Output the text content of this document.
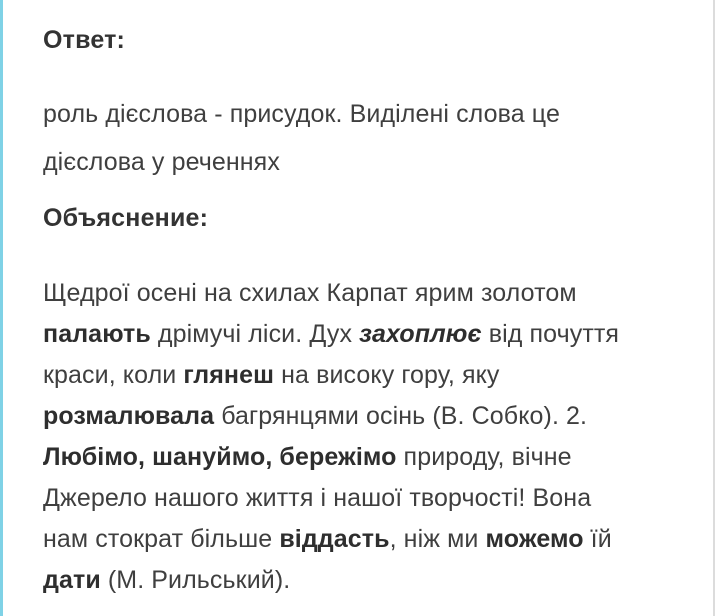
Ответ:

роль дієслова - присудок. Виділені слова це
дієслова у реченнях

Объяснение:

Щедрої осені на схилах Карпат ярим золотом
палають дрімучі ліси. Дух захоплює від почуття
краси, коли глянеш на високу гору, яку
розмалювала багрянцями осінь (В. Собко). 2.
Любімо, шануймо, бережімо природу, вічне
Джерело нашого життя і нашої творчості! Вона
нам стократ більше віддасть, ніж ми можемо їй
дати (М. Рильський).
